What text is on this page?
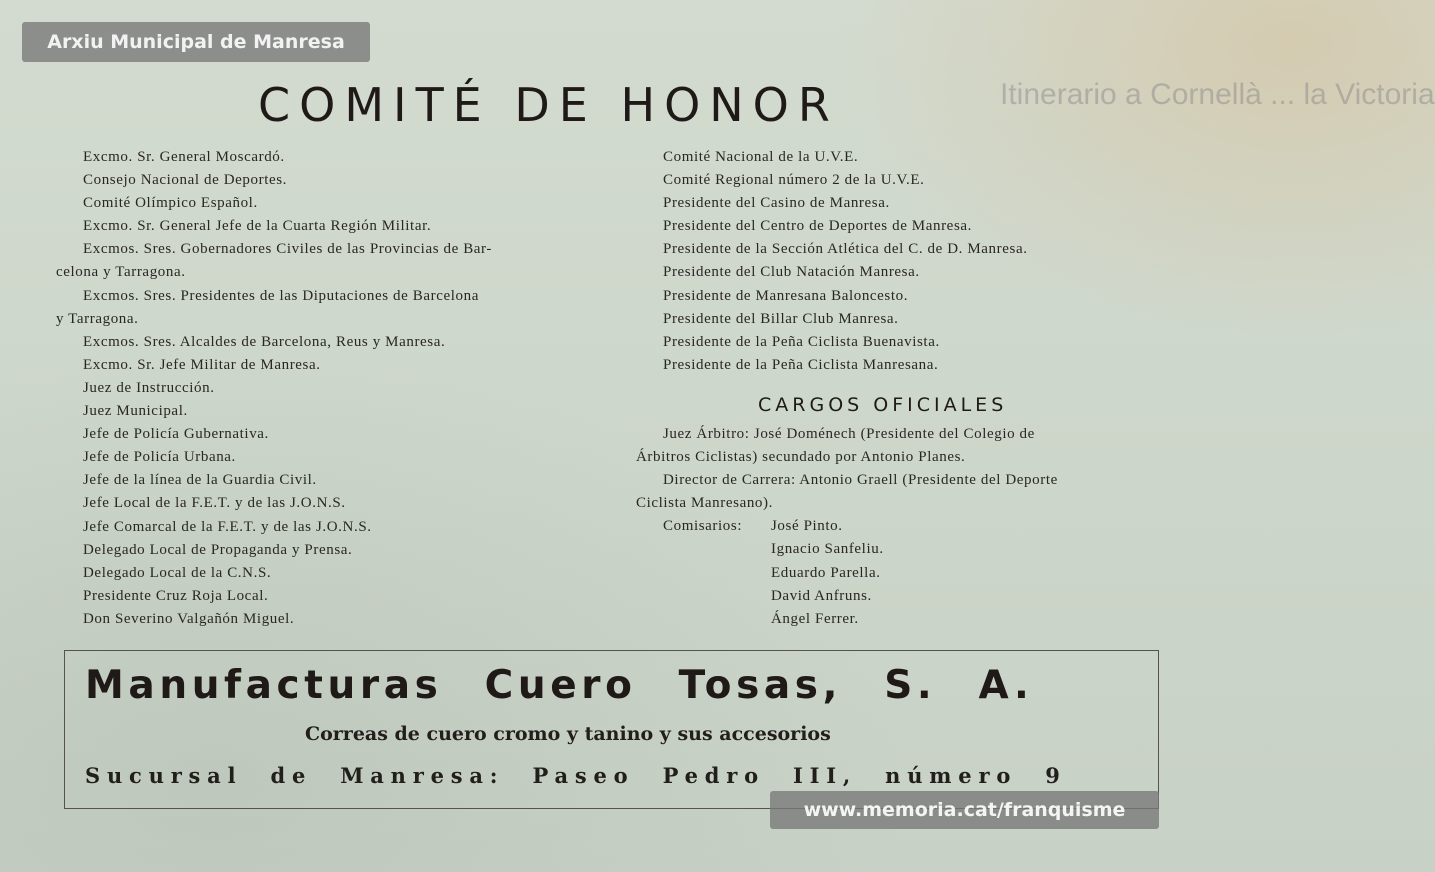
Arxiu Municipal de Manresa
Itinerario a Cornellà ... la Victoria
COMITÉ DE HONOR
Excmo. Sr. General Moscardó.
Consejo Nacional de Deportes.
Comité Olímpico Español.
Excmo. Sr. General Jefe de la Cuarta Región Militar.
Excmos. Sres. Gobernadores Civiles de las Provincias de Bar-
celona y Tarragona.
Excmos. Sres. Presidentes de las Diputaciones de Barcelona
y Tarragona.
Excmos. Sres. Alcaldes de Barcelona, Reus y Manresa.
Excmo. Sr. Jefe Militar de Manresa.
Juez de Instrucción.
Juez Municipal.
Jefe de Policía Gubernativa.
Jefe de Policía Urbana.
Jefe de la línea de la Guardia Civil.
Jefe Local de la F.E.T. y de las J.O.N.S.
Jefe Comarcal de la F.E.T. y de las J.O.N.S.
Delegado Local de Propaganda y Prensa.
Delegado Local de la C.N.S.
Presidente Cruz Roja Local.
Don Severino Valgañón Miguel.
Comité Nacional de la U.V.E.
Comité Regional número 2 de la U.V.E.
Presidente del Casino de Manresa.
Presidente del Centro de Deportes de Manresa.
Presidente de la Sección Atlética del C. de D. Manresa.
Presidente del Club Natación Manresa.
Presidente de Manresana Baloncesto.
Presidente del Billar Club Manresa.
Presidente de la Peña Ciclista Buenavista.
Presidente de la Peña Ciclista Manresana.
CARGOS OFICIALES
Juez Árbitro: José Doménech (Presidente del Colegio de
Árbitros Ciclistas) secundado por Antonio Planes.
Director de Carrera: Antonio Graell (Presidente del Deporte
Ciclista Manresano).
Comisarios: José Pinto.
Ignacio Sanfeliu.
Eduardo Parella.
David Anfruns.
Ángel Ferrer.
Manufacturas Cuero Tosas, S. A.
Correas de cuero cromo y tanino y sus accesorios
Sucursal de Manresa: Paseo Pedro III, número 9
www.memoria.cat/franquisme
